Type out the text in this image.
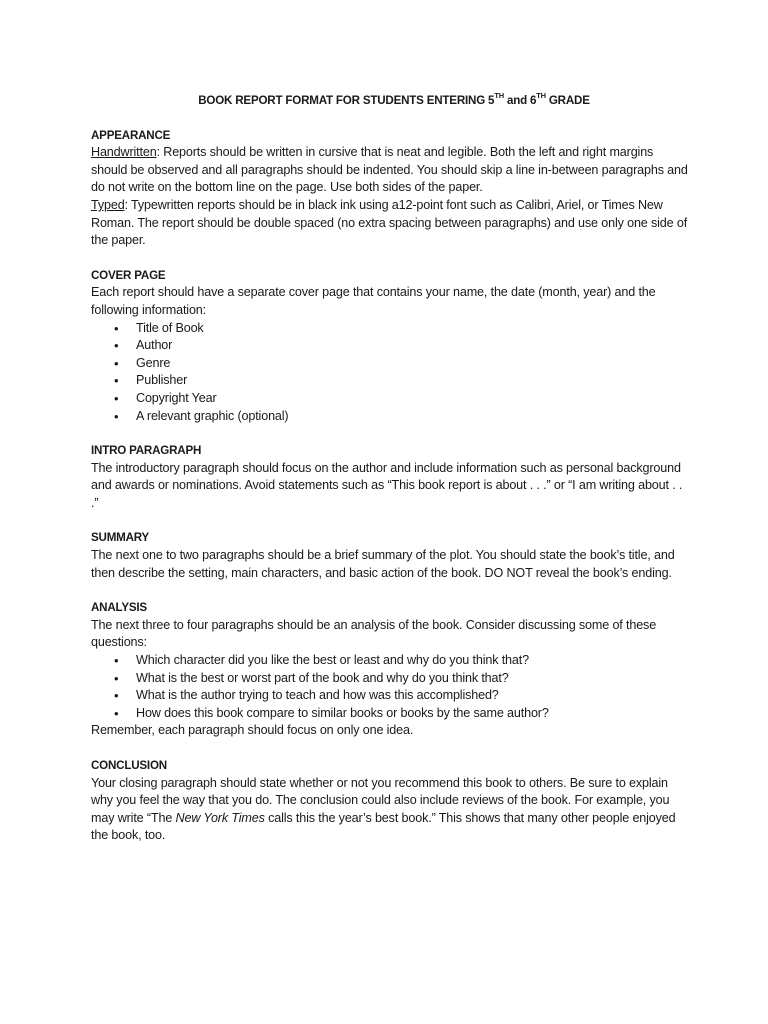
BOOK REPORT FORMAT FOR STUDENTS ENTERING 5TH and 6TH GRADE
APPEARANCE

Handwritten: Reports should be written in cursive that is neat and legible. Both the left and right margins should be observed and all paragraphs should be indented. You should skip a line in-between paragraphs and do not write on the bottom line on the page. Use both sides of the paper.

Typed: Typewritten reports should be in black ink using a12-point font such as Calibri, Ariel, or Times New Roman. The report should be double spaced (no extra spacing between paragraphs) and use only one side of the paper.

COVER PAGE

Each report should have a separate cover page that contains your name, the date (month, year) and the following information:

• Title of Book
• Author
• Genre
• Publisher
• Copyright Year
• A relevant graphic (optional)
INTRO PARAGRAPH

The introductory paragraph should focus on the author and include information such as personal background and awards or nominations. Avoid statements such as “This book report is about . . .” or “I am writing about . . .”

SUMMARY

The next one to two paragraphs should be a brief summary of the plot. You should state the book’s title, and then describe the setting, main characters, and basic action of the book. DO NOT reveal the book’s ending.

ANALYSIS

The next three to four paragraphs should be an analysis of the book. Consider discussing some of these questions:

• Which character did you like the best or least and why do you think that?
• What is the best or worst part of the book and why do you think that?
• What is the author trying to teach and how was this accomplished?
• How does this book compare to similar books or books by the same author?

Remember, each paragraph should focus on only one idea.

CONCLUSION

Your closing paragraph should state whether or not you recommend this book to others. Be sure to explain why you feel the way that you do. The conclusion could also include reviews of the book. For example, you may write “The New York Times calls this the year’s best book.” This shows that many other people enjoyed the book, too.
